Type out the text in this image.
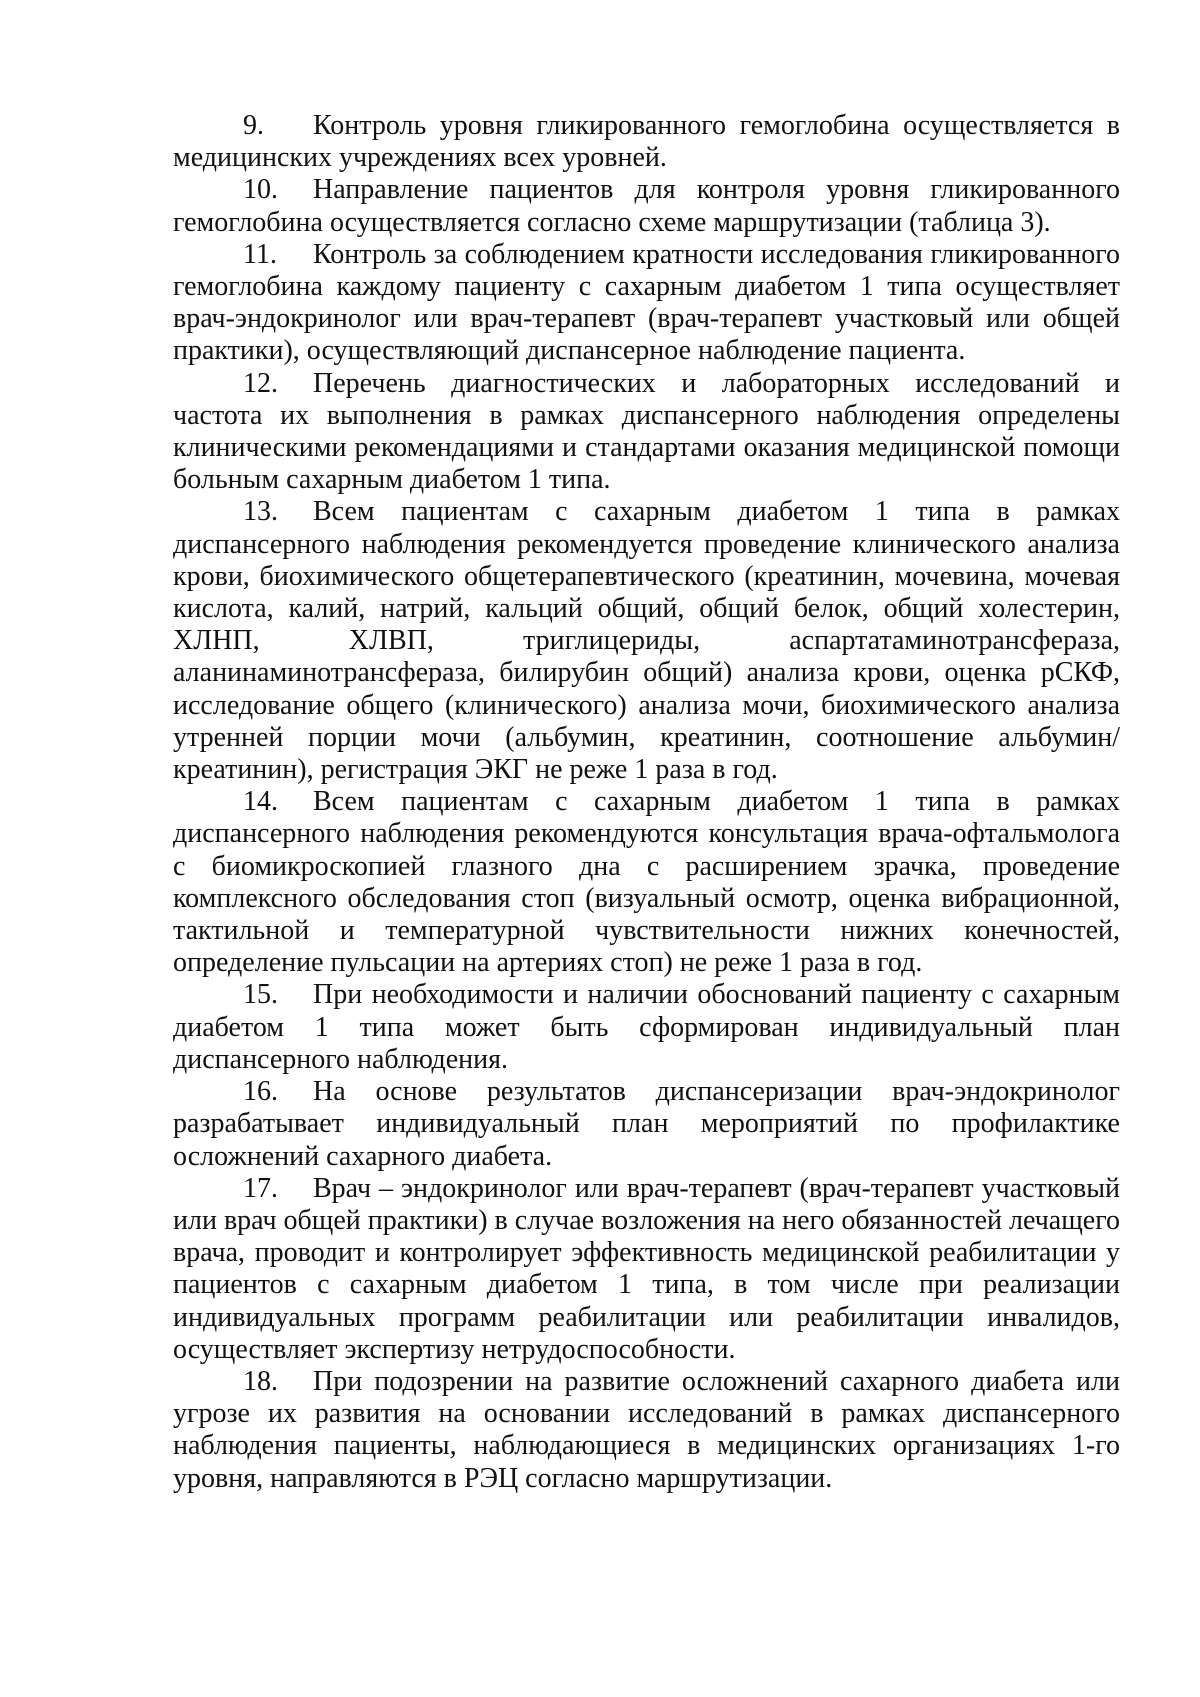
9. Контроль уровня гликированного гемоглобина осуществляется в медицинских учреждениях всех уровней.

10. Направление пациентов для контроля уровня гликированного гемоглобина осуществляется согласно схеме маршрутизации (таблица 3).

11. Контроль за соблюдением кратности исследования гликированного гемоглобина каждому пациенту с сахарным диабетом 1 типа осуществляет врач-эндокринолог или врач-терапевт (врач-терапевт участковый или общей практики), осуществляющий диспансерное наблюдение пациента.

12. Перечень диагностических и лабораторных исследований и частота их выполнения в рамках диспансерного наблюдения определены клиническими рекомендациями и стандартами оказания медицинской помощи больным сахарным диабетом 1 типа.

13. Всем пациентам с сахарным диабетом 1 типа в рамках диспансерного наблюдения рекомендуется проведение клинического анализа крови, биохимического общетерапевтического (креатинин, мочевина, мочевая кислота, калий, натрий, кальций общий, общий белок, общий холестерин, ХЛНП, ХЛВП, триглицериды, аспартатаминотрансфераза, аланинаминотрансфераза, билирубин общий) анализа крови, оценка рСКФ, исследование общего (клинического) анализа мочи, биохимического анализа утренней порции мочи (альбумин, креатинин, соотношение альбумин/креатинин), регистрация ЭКГ не реже 1 раза в год.

14. Всем пациентам с сахарным диабетом 1 типа в рамках диспансерного наблюдения рекомендуются консультация врача-офтальмолога с биомикроскопией глазного дна с расширением зрачка, проведение комплексного обследования стоп (визуальный осмотр, оценка вибрационной, тактильной и температурной чувствительности нижних конечностей, определение пульсации на артериях стоп) не реже 1 раза в год.

15. При необходимости и наличии обоснований пациенту с сахарным диабетом 1 типа может быть сформирован индивидуальный план диспансерного наблюдения.

16. На основе результатов диспансеризации врач-эндокринолог разрабатывает индивидуальный план мероприятий по профилактике осложнений сахарного диабета.

17. Врач – эндокринолог или врач-терапевт (врач-терапевт участковый или врач общей практики) в случае возложения на него обязанностей лечащего врача, проводит и контролирует эффективность медицинской реабилитации у пациентов с сахарным диабетом 1 типа, в том числе при реализации индивидуальных программ реабилитации или реабилитации инвалидов, осуществляет экспертизу нетрудоспособности.

18. При подозрении на развитие осложнений сахарного диабета или угрозе их развития на основании исследований в рамках диспансерного наблюдения пациенты, наблюдающиеся в медицинских организациях 1-го уровня, направляются в РЭЦ согласно маршрутизации.
